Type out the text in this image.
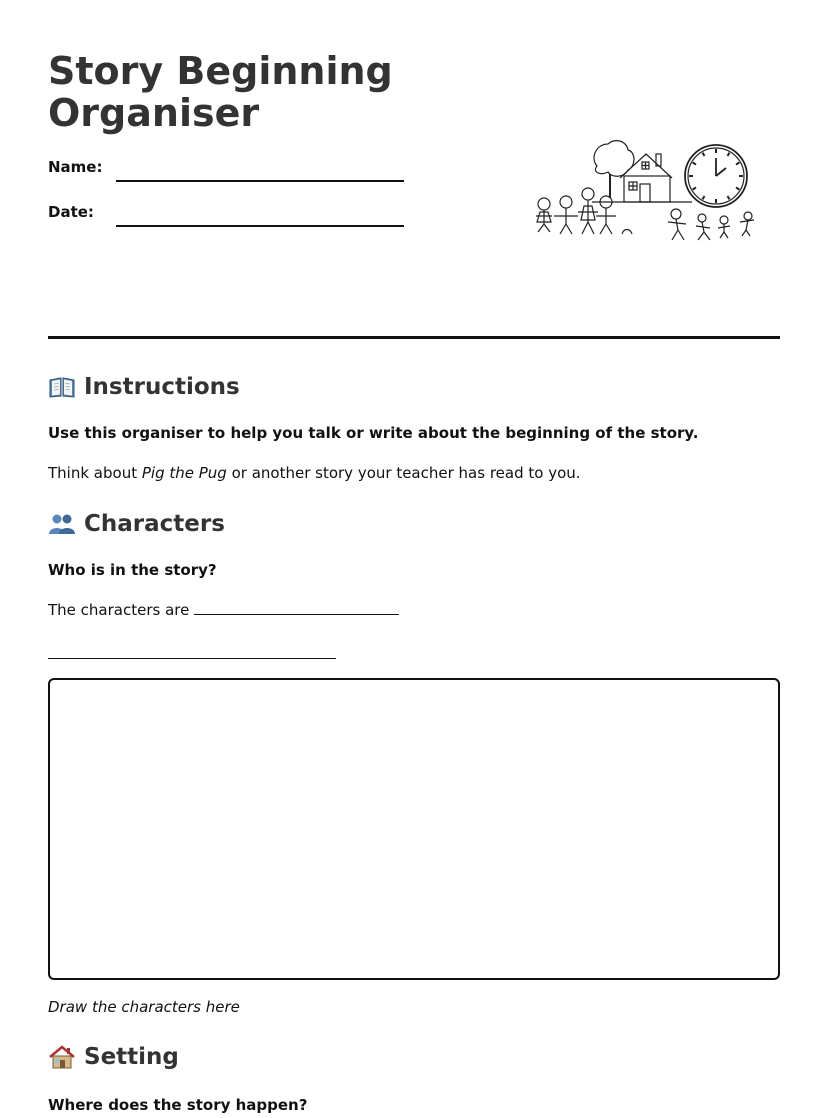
Story Beginning Organiser
Name:
Date:
Instructions

Use this organiser to help you talk or write about the beginning of the story.

Think about Pig the Pug or another story your teacher has read to you.

Characters

Who is in the story?

The characters are

Draw the characters here

Setting

Where does the story happen?
